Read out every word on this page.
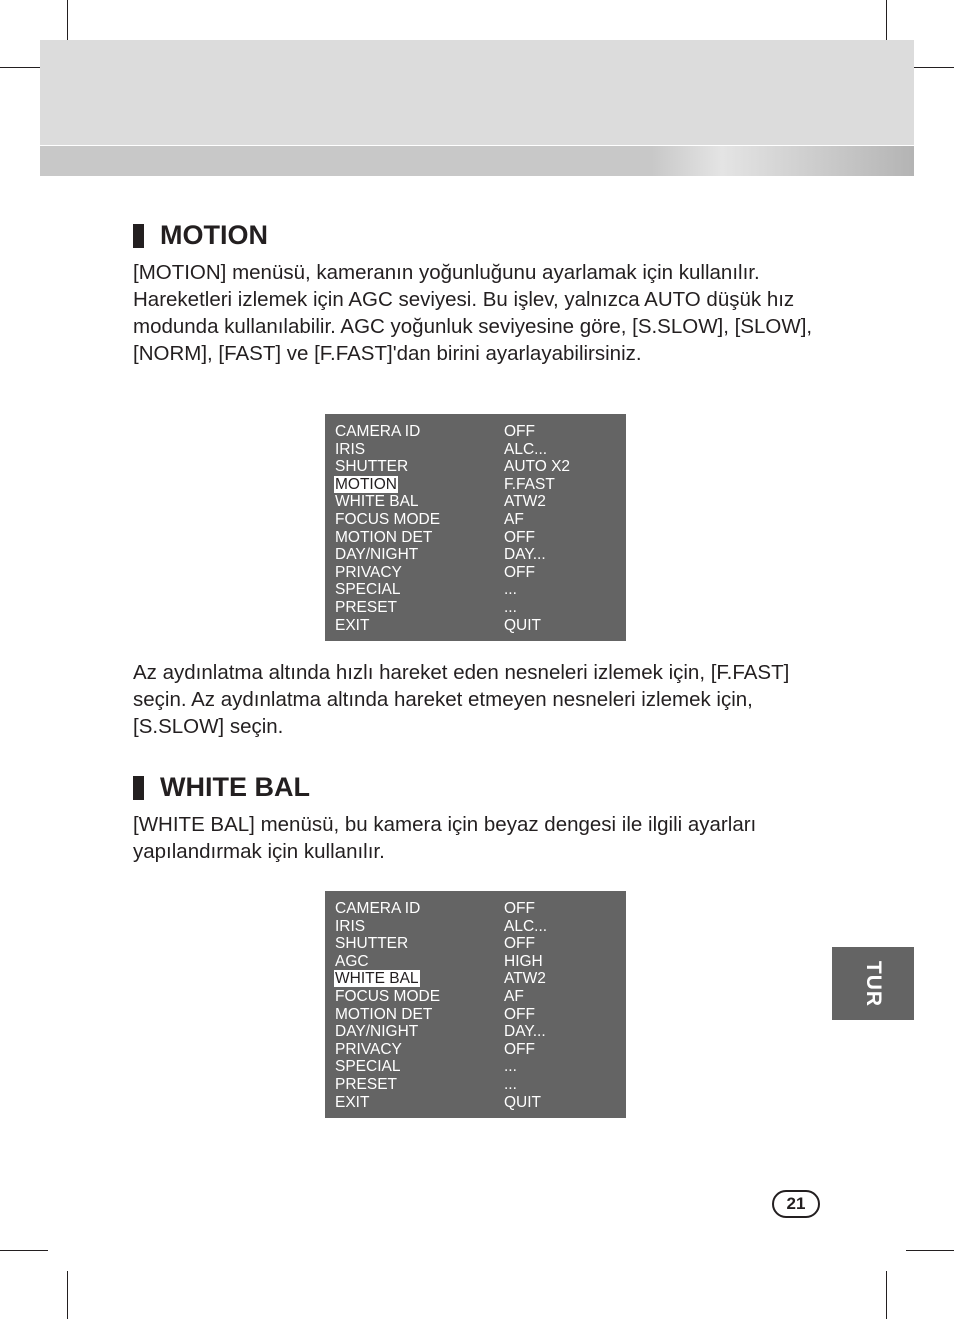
MOTION

[MOTION] menüsü, kameranın yoğunluğunu ayarlamak için kullanılır. Hareketleri izlemek için AGC seviyesi. Bu işlev, yalnızca AUTO düşük hız modunda kullanılabilir. AGC yoğunluk seviyesine göre, [S.SLOW], [SLOW],[NORM], [FAST] ve [F.FAST]'dan birini ayarlayabilirsiniz.

CAMERA ID	OFF
IRIS	ALC...
SHUTTER	AUTO X2
MOTION	F.FAST
WHITE BAL	ATW2
FOCUS MODE	AF
MOTION DET	OFF
DAY/NIGHT	DAY...
PRIVACY	OFF
SPECIAL	...
PRESET	...
EXIT	QUIT

Az aydınlatma altında hızlı hareket eden nesneleri izlemek için, [F.FAST] seçin. Az aydınlatma altında hareket etmeyen nesneleri izlemek için, [S.SLOW] seçin.

WHITE BAL

[WHITE BAL] menüsü, bu kamera için beyaz dengesi ile ilgili ayarları yapılandırmak için kullanılır.

CAMERA ID	OFF
IRIS	ALC...
SHUTTER	OFF
AGC	HIGH
WHITE BAL	ATW2
FOCUS MODE	AF
MOTION DET	OFF
DAY/NIGHT	DAY...
PRIVACY	OFF
SPECIAL	...
PRESET	...
EXIT	QUIT
TUR
21
